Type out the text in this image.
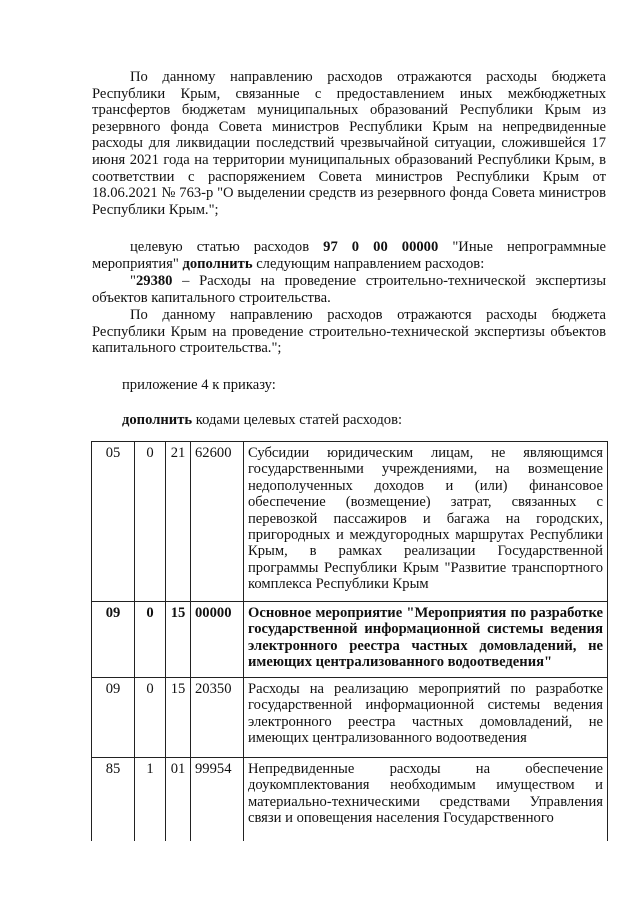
По данному направлению расходов отражаются расходы бюджета Республики Крым, связанные с предоставлением иных межбюджетных трансфертов бюджетам муниципальных образований Республики Крым из резервного фонда Совета министров Республики Крым на непредвиденные расходы для ликвидации последствий чрезвычайной ситуации, сложившейся 17 июня 2021 года на территории муниципальных образований Республики Крым, в соответствии с распоряжением Совета министров Республики Крым от 18.06.2021 № 763-р "О выделении средств из резервного фонда Совета министров Республики Крым.";

целевую статью расходов 97 0 00 00000 "Иные непрограммные мероприятия" дополнить следующим направлением расходов:

"29380 – Расходы на проведение строительно-технической экспертизы объектов капитального строительства.

По данному направлению расходов отражаются расходы бюджета Республики Крым на проведение строительно-технической экспертизы объектов капитального строительства.";

приложение 4 к приказу:
дополнить кодами целевых статей расходов:
05	0	21	62600	Субсидии юридическим лицам, не являющимся государственными учреждениями, на возмещение недополученных доходов и (или) финансовое обеспечение (возмещение) затрат, связанных с перевозкой пассажиров и багажа на городских, пригородных и междугородных маршрутах Республики Крым, в рамках реализации Государственной программы Республики Крым "Развитие транспортного комплекса Республики Крым
09	0	15	00000	Основное мероприятие "Мероприятия по разработке государственной информационной системы ведения электронного реестра частных домовладений, не имеющих централизованного водоотведения"
09	0	15	20350	Расходы на реализацию мероприятий по разработке государственной информационной системы ведения электронного реестра частных домовладений, не имеющих централизованного водоотведения
85	1	01	99954	Непредвиденные расходы на обеспечение доукомплектования необходимым имуществом и материально-техническими средствами Управления связи и оповещения населения Государственного
